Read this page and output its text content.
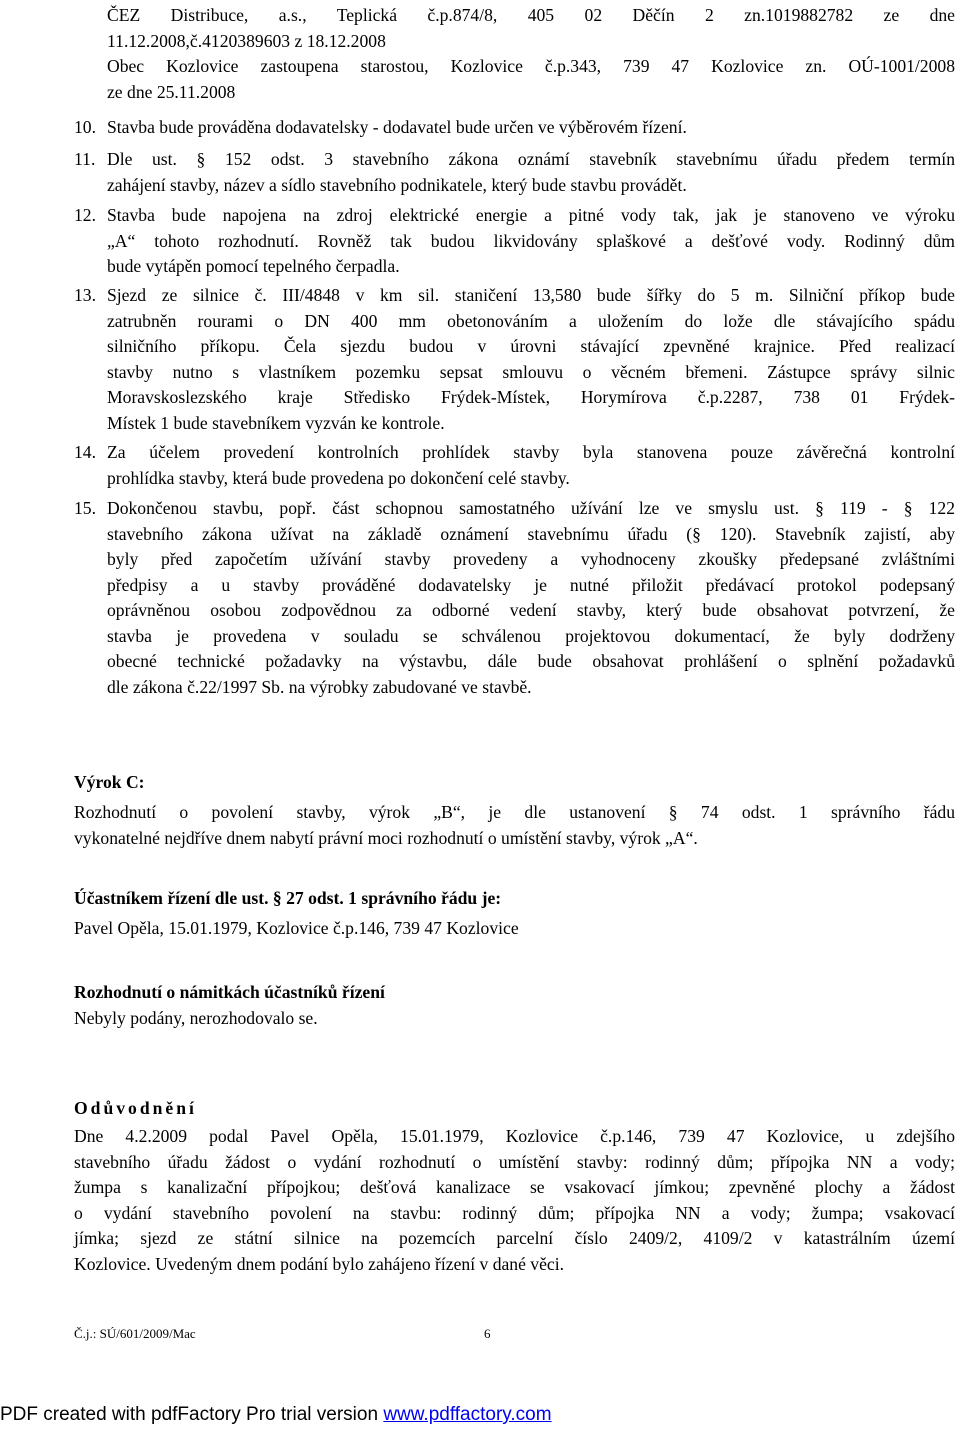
ČEZ Distribuce, a.s., Teplická č.p.874/8, 405 02 Děčín 2 zn.1019882782 ze dne
11.12.2008,č.4120389603 z 18.12.2008
Obec Kozlovice zastoupena starostou, Kozlovice č.p.343, 739 47 Kozlovice zn. OÚ-1001/2008
ze dne 25.11.2008
10. Stavba bude prováděna dodavatelsky - dodavatel bude určen ve výběrovém řízení.
11. Dle ust. § 152 odst. 3 stavebního zákona oznámí stavebník stavebnímu úřadu předem termín
zahájení stavby, název a sídlo stavebního podnikatele, který bude stavbu provádět.
12. Stavba bude napojena na zdroj elektrické energie a pitné vody tak, jak je stanoveno ve výroku
„A“ tohoto rozhodnutí. Rovněž tak budou likvidovány splaškové a dešťové vody. Rodinný dům
bude vytápěn pomocí tepelného čerpadla.
13. Sjezd ze silnice č. III/4848 v km sil. staničení 13,580 bude šířky do 5 m. Silniční příkop bude
zatrubněn rourami o DN 400 mm obetonováním a uložením do lože dle stávajícího spádu
silničního příkopu. Čela sjezdu budou v úrovni stávající zpevněné krajnice. Před realizací
stavby nutno s vlastníkem pozemku sepsat smlouvu o věcném břemeni. Zástupce správy silnic
Moravskoslezského kraje Středisko Frýdek-Místek, Horymírova č.p.2287, 738 01 Frýdek-
Místek 1 bude stavebníkem vyzván ke kontrole.
14. Za účelem provedení kontrolních prohlídek stavby byla stanovena pouze závěrečná kontrolní
prohlídka stavby, která bude provedena po dokončení celé stavby.
15. Dokončenou stavbu, popř. část schopnou samostatného užívání lze ve smyslu ust. § 119 - § 122
stavebního zákona užívat na základě oznámení stavebnímu úřadu (§ 120). Stavebník zajistí, aby
byly před započetím užívání stavby provedeny a vyhodnoceny zkoušky předepsané zvláštními
předpisy a u stavby prováděné dodavatelsky je nutné přiložit předávací protokol podepsaný
oprávněnou osobou zodpovědnou za odborné vedení stavby, který bude obsahovat potvrzení, že
stavba je provedena v souladu se schválenou projektovou dokumentací, že byly dodrženy
obecné technické požadavky na výstavbu, dále bude obsahovat prohlášení o splnění požadavků
dle zákona č.22/1997 Sb. na výrobky zabudované ve stavbě.
Výrok C:
Rozhodnutí o povolení stavby, výrok „B“, je dle ustanovení § 74 odst. 1 správního řádu
vykonatelné nejdříve dnem nabytí právní moci rozhodnutí o umístění stavby, výrok „A“.
Účastníkem řízení dle ust. § 27 odst. 1 správního řádu je:
Pavel Opěla, 15.01.1979, Kozlovice č.p.146, 739 47 Kozlovice
Rozhodnutí o námitkách účastníků řízení
Nebyly podány, nerozhodovalo se.
Odůvodnění
Dne 4.2.2009 podal Pavel Opěla, 15.01.1979, Kozlovice č.p.146, 739 47 Kozlovice, u zdejšího
stavebního úřadu žádost o vydání rozhodnutí o umístění stavby: rodinný dům; přípojka NN a vody;
žumpa s kanalizační přípojkou; dešťová kanalizace se vsakovací jímkou; zpevněné plochy a žádost
o vydání stavebního povolení na stavbu: rodinný dům; přípojka NN a vody; žumpa; vsakovací
jímka; sjezd ze státní silnice na pozemcích parcelní číslo 2409/2, 4109/2 v katastrálním území
Kozlovice. Uvedeným dnem podání bylo zahájeno řízení v dané věci.
Č.j.: SÚ/601/2009/Mac	6
PDF created with pdfFactory Pro trial version www.pdffactory.com
